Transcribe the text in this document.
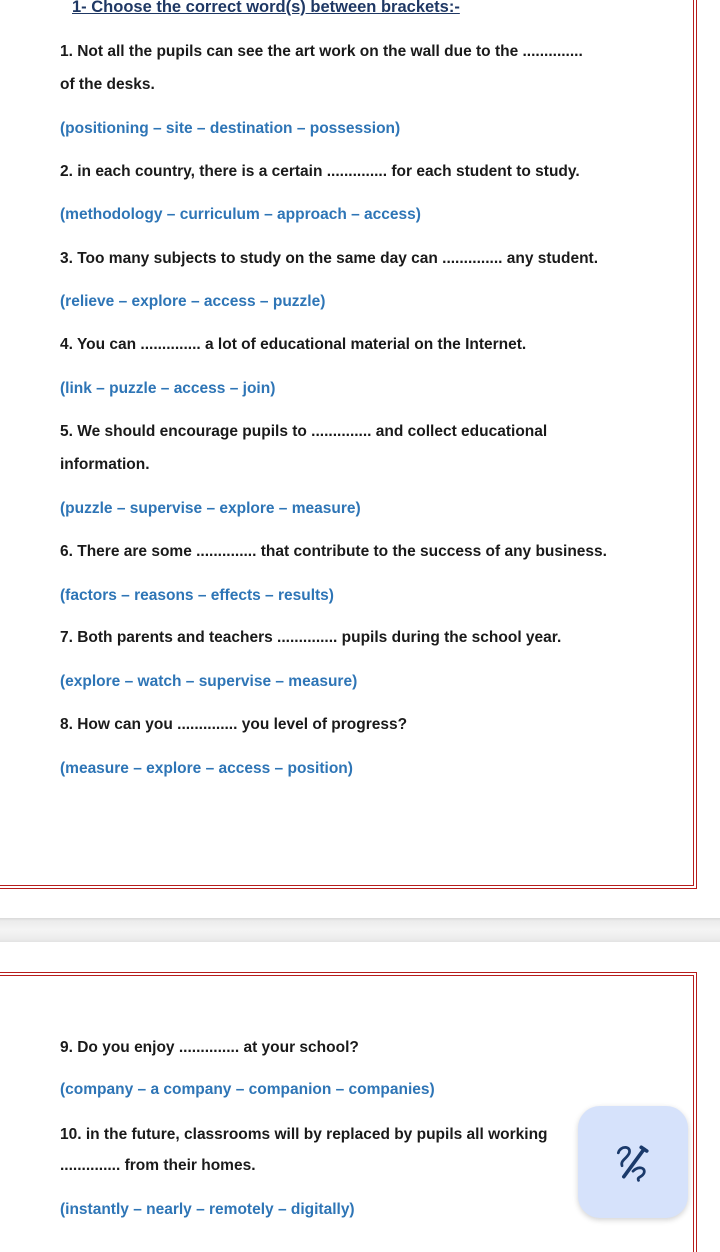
1- Choose the correct word(s) between brackets:-
1. Not all the pupils can see the art work on the wall due to the ..............
of the desks.
(positioning – site – destination – possession)
2. in each country, there is a certain .............. for each student to study.
(methodology – curriculum – approach – access)
3. Too many subjects to study on the same day can .............. any student.
(relieve – explore – access – puzzle)
4. You can .............. a lot of educational material on the Internet.
(link – puzzle – access – join)
5. We should encourage pupils to .............. and collect educational
information.
(puzzle – supervise – explore – measure)
6. There are some .............. that contribute to the success of any business.
(factors – reasons – effects – results)
7. Both parents and teachers .............. pupils during the school year.
(explore – watch – supervise – measure)
8. How can you .............. you level of progress?
(measure – explore – access – position)
9. Do you enjoy .............. at your school?
(company – a company – companion – companies)
10. in the future, classrooms will by replaced by pupils all working
.............. from their homes.
(instantly – nearly – remotely – digitally)
